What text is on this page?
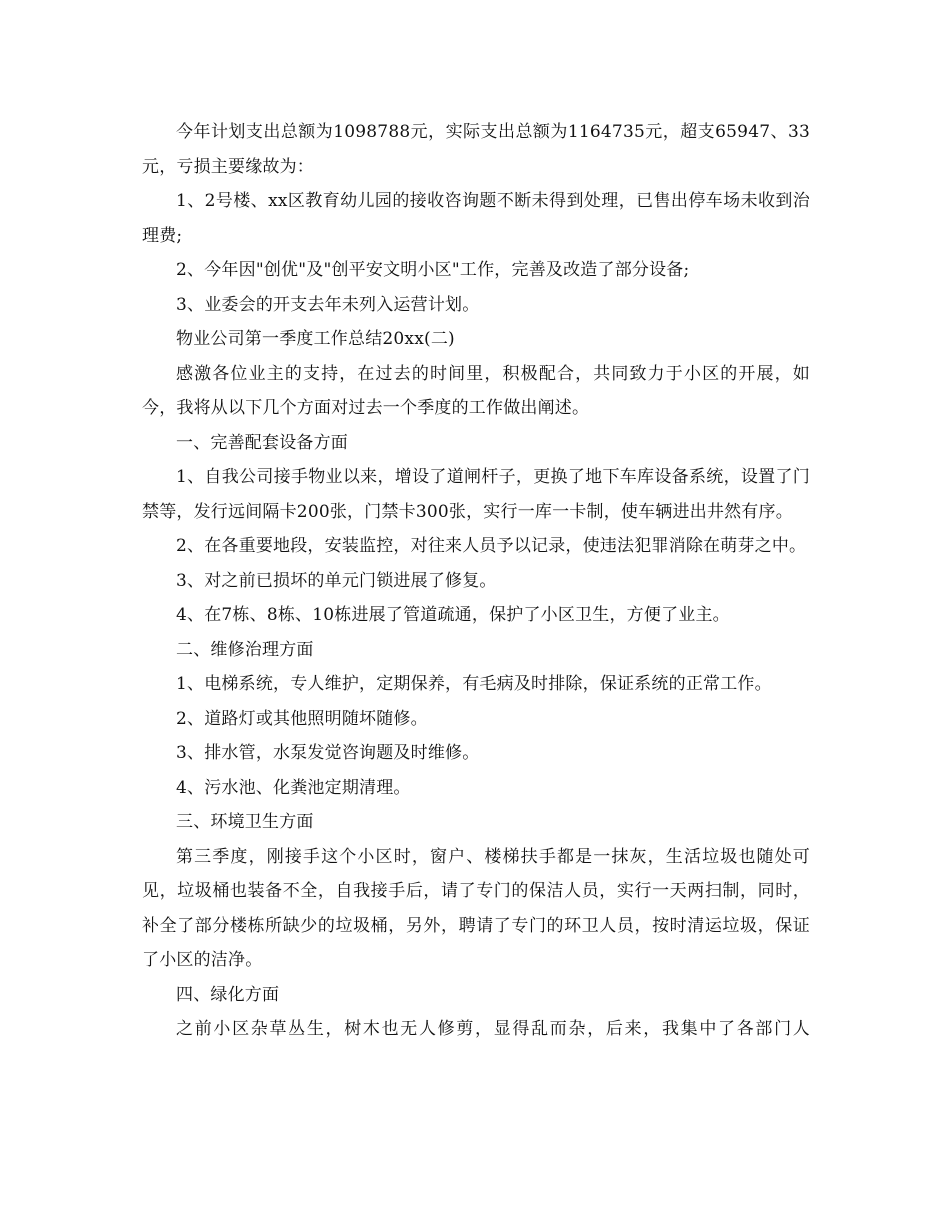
今年计划支出总额为1098788元，实际支出总额为1164735元，超支65947、33元，亏损主要缘故为：

1、2号楼、xx区教育幼儿园的接收咨询题不断未得到处理，已售出停车场未收到治理费;

2、今年因"创优"及"创平安文明小区"工作，完善及改造了部分设备;

3、业委会的开支去年未列入运营计划。

物业公司第一季度工作总结20xx(二)

感激各位业主的支持，在过去的时间里，积极配合，共同致力于小区的开展，如今，我将从以下几个方面对过去一个季度的工作做出阐述。

一、完善配套设备方面

1、自我公司接手物业以来，增设了道闸杆子，更换了地下车库设备系统，设置了门禁等，发行远间隔卡200张，门禁卡300张，实行一库一卡制，使车辆进出井然有序。

2、在各重要地段，安装监控，对往来人员予以记录，使违法犯罪消除在萌芽之中。

3、对之前已损坏的单元门锁进展了修复。

4、在7栋、8栋、10栋进展了管道疏通，保护了小区卫生，方便了业主。

二、维修治理方面

1、电梯系统，专人维护，定期保养，有毛病及时排除，保证系统的正常工作。

2、道路灯或其他照明随坏随修。

3、排水管，水泵发觉咨询题及时维修。

4、污水池、化粪池定期清理。

三、环境卫生方面

第三季度，刚接手这个小区时，窗户、楼梯扶手都是一抹灰，生活垃圾也随处可见，垃圾桶也装备不全，自我接手后，请了专门的保洁人员，实行一天两扫制，同时，补全了部分楼栋所缺少的垃圾桶，另外，聘请了专门的环卫人员，按时清运垃圾，保证了小区的洁净。

四、绿化方面

之前小区杂草丛生，树木也无人修剪，显得乱而杂，后来，我集中了各部门人
